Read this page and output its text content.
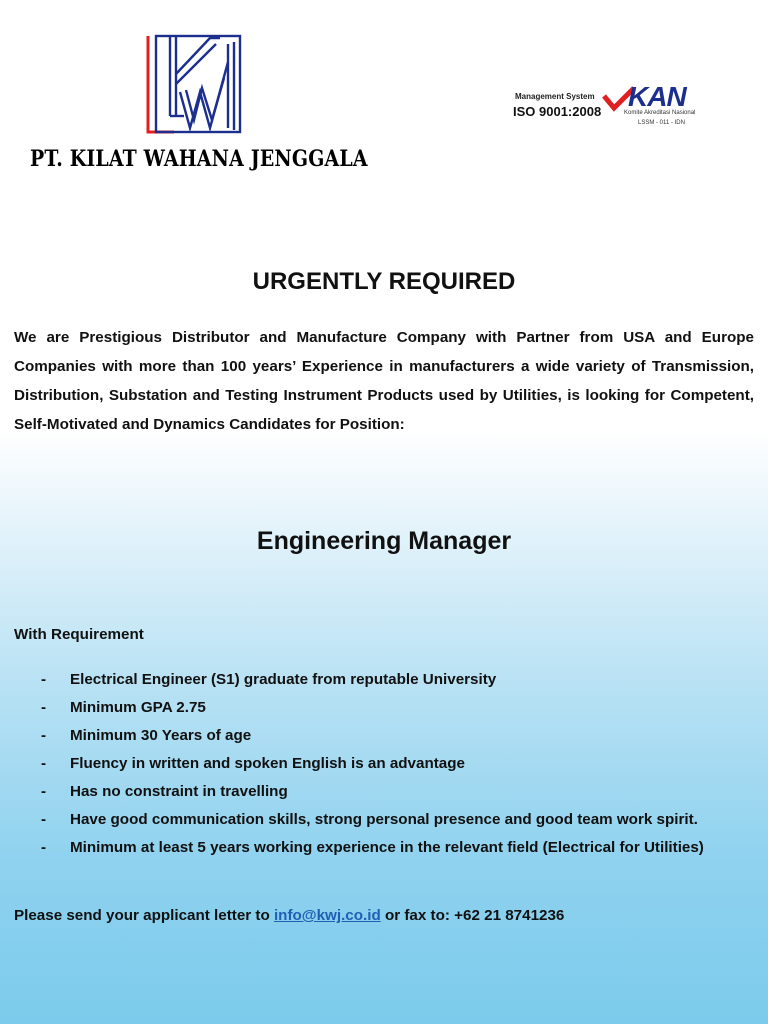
PT. KILAT WAHANA JENGGALA
Management System
ISO 9001:2008 KAN
Komite Akreditasi Nasional
LSSM - 011 - IDN
URGENTLY REQUIRED
We are Prestigious Distributor and Manufacture Company with Partner from USA and Europe Companies with more than 100 years’ Experience in manufacturers a wide variety of Transmission, Distribution, Substation and Testing Instrument Products used by Utilities, is looking for Competent, Self-Motivated and Dynamics Candidates for Position:
Engineering Manager
With Requirement
- Electrical Engineer (S1) graduate from reputable University
- Minimum GPA 2.75
- Minimum 30 Years of age
- Fluency in written and spoken English is an advantage
- Has no constraint in travelling
- Have good communication skills, strong personal presence and good team work spirit.
- Minimum at least 5 years working experience in the relevant field (Electrical for Utilities)
Please send your applicant letter to info@kwj.co.id or fax to: +62 21 8741236
